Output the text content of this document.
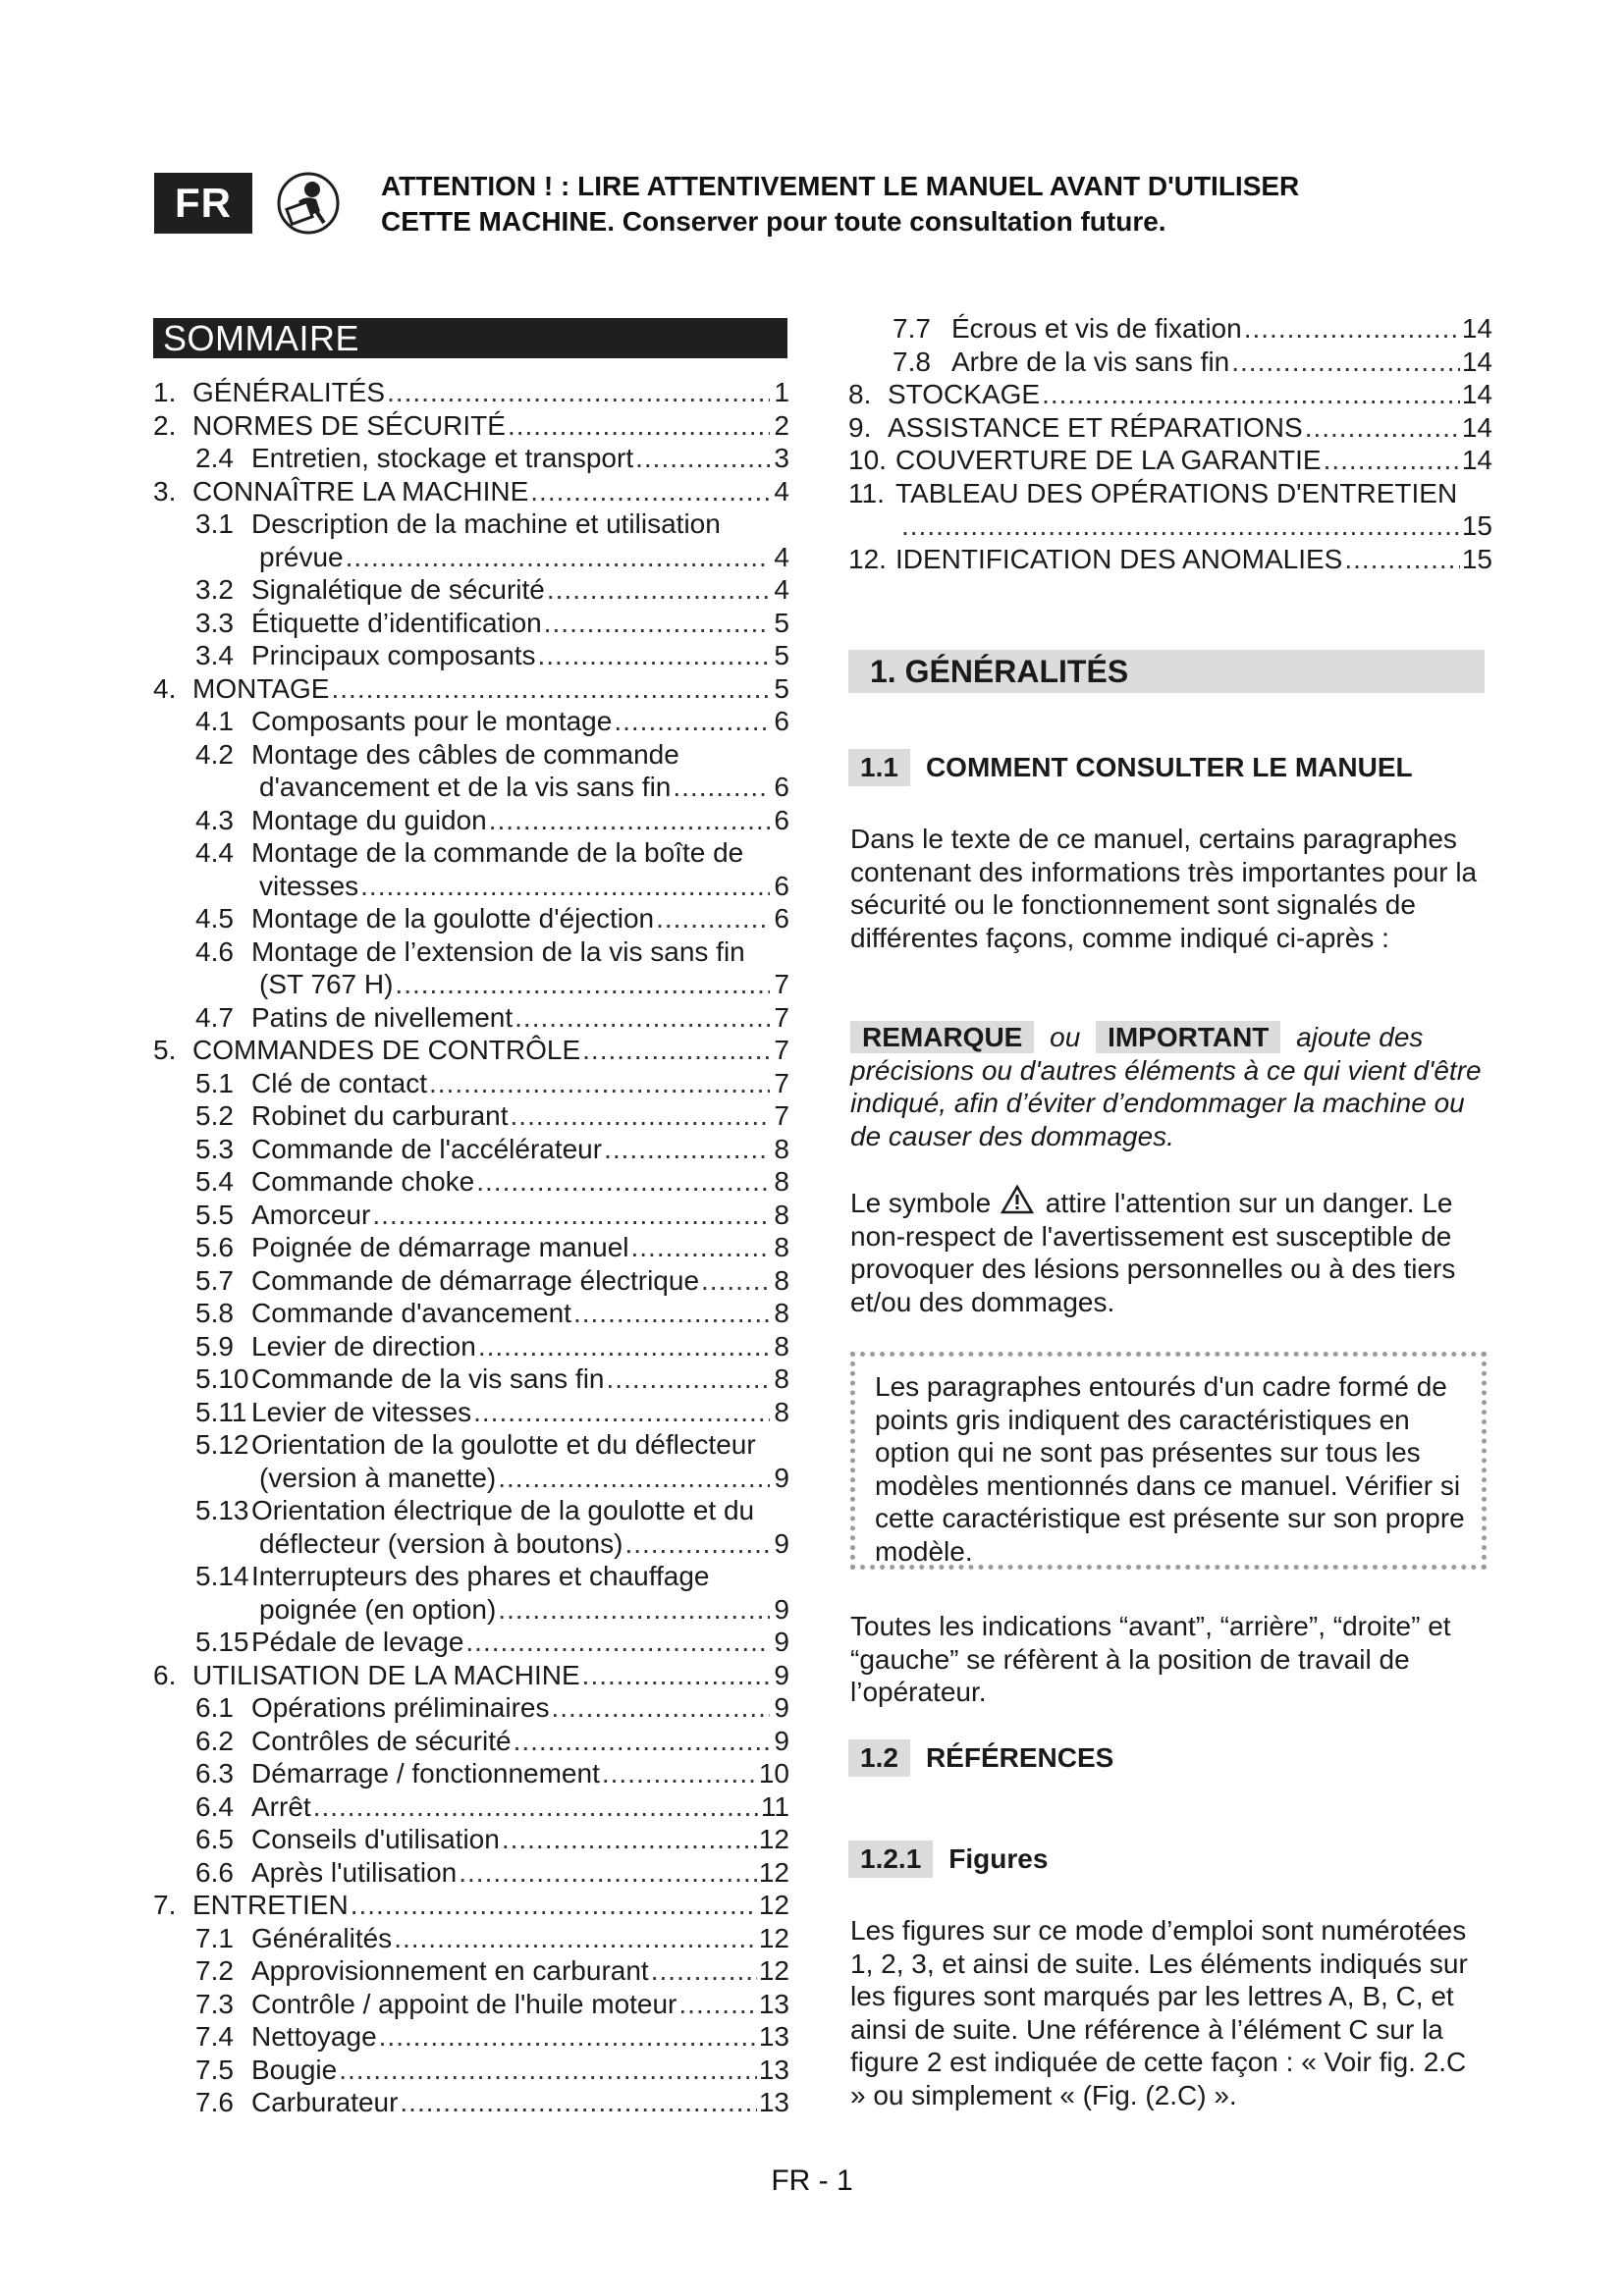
FR	ATTENTION ! : LIRE ATTENTIVEMENT LE MANUEL AVANT D'UTILISER
CETTE MACHINE. Conserver pour toute consultation future.
SOMMAIRE
1. GÉNÉRALITÉS .....	1
2. NORMES DE SÉCURITÉ .....	2
2.4 Entretien, stockage et transport .....	3
3. CONNAÎTRE LA MACHINE .....	4
3.1 Description de la machine et utilisation
prévue .....	4
3.2 Signalétique de sécurité .....	4
3.3 Étiquette d’identification .....	5
3.4 Principaux composants .....	5
4. MONTAGE .....	5
4.1 Composants pour le montage .....	6
4.2 Montage des câbles de commande
d'avancement et de la vis sans fin .....	6
4.3 Montage du guidon .....	6
4.4 Montage de la commande de la boîte de
vitesses .....	6
4.5 Montage de la goulotte d'éjection .....	6
4.6 Montage de l’extension de la vis sans fin
(ST 767 H) .....	7
4.7 Patins de nivellement .....	7
5. COMMANDES DE CONTRÔLE .....	7
5.1 Clé de contact .....	7
5.2 Robinet du carburant .....	7
5.3 Commande de l'accélérateur .....	8
5.4 Commande choke .....	8
5.5 Amorceur .....	8
5.6 Poignée de démarrage manuel .....	8
5.7 Commande de démarrage électrique .....	8
5.8 Commande d'avancement .....	8
5.9 Levier de direction .....	8
5.10 Commande de la vis sans fin .....	8
5.11 Levier de vitesses .....	8
5.12 Orientation de la goulotte et du déflecteur
(version à manette) .....	9
5.13 Orientation électrique de la goulotte et du
déflecteur (version à boutons) .....	9
5.14 Interrupteurs des phares et chauffage
poignée (en option) .....	9
5.15 Pédale de levage .....	9
6. UTILISATION DE LA MACHINE .....	9
6.1 Opérations préliminaires .....	9
6.2 Contrôles de sécurité .....	9
6.3 Démarrage / fonctionnement .....	10
6.4 Arrêt .....	11
6.5 Conseils d'utilisation .....	12
6.6 Après l'utilisation .....	12
7. ENTRETIEN .....	12
7.1 Généralités .....	12
7.2 Approvisionnement en carburant .....	12
7.3 Contrôle / appoint de l'huile moteur .....	13
7.4 Nettoyage .....	13
7.5 Bougie .....	13
7.6 Carburateur .....	13
7.7 Écrous et vis de fixation .....	14
7.8 Arbre de la vis sans fin .....	14
8. STOCKAGE .....	14
9. ASSISTANCE ET RÉPARATIONS .....	14
10. COUVERTURE DE LA GARANTIE .....	14
11. TABLEAU DES OPÉRATIONS D'ENTRETIEN
.....
15
12. IDENTIFICATION DES ANOMALIES .....	15
1. GÉNÉRALITÉS
1.1	COMMENT CONSULTER LE MANUEL
Dans le texte de ce manuel, certains paragraphes contenant des informations très importantes pour la sécurité ou le fonctionnement sont signalés de différentes façons, comme indiqué ci-après :
REMARQUE ou IMPORTANT ajoute des précisions ou d'autres éléments à ce qui vient d'être indiqué, afin d’éviter d’endommager la machine ou de causer des dommages.
Le symbole attire l'attention sur un danger. Le non-respect de l'avertissement est susceptible de provoquer des lésions personnelles ou à des tiers et/ou des dommages.
Les paragraphes entourés d'un cadre formé de points gris indiquent des caractéristiques en option qui ne sont pas présentes sur tous les modèles mentionnés dans ce manuel. Vérifier si cette caractéristique est présente sur son propre modèle.
Toutes les indications “avant”, “arrière”, “droite” et “gauche” se réfèrent à la position de travail de l’opérateur.
1.2	RÉFÉRENCES
1.2.1	Figures
Les figures sur ce mode d’emploi sont numérotées 1, 2, 3, et ainsi de suite. Les éléments indiqués sur les figures sont marqués par les lettres A, B, C, et ainsi de suite. Une référence à l’élément C sur la figure 2 est indiquée de cette façon : « Voir fig. 2.C » ou simplement « (Fig. (2.C) ».
FR - 1
